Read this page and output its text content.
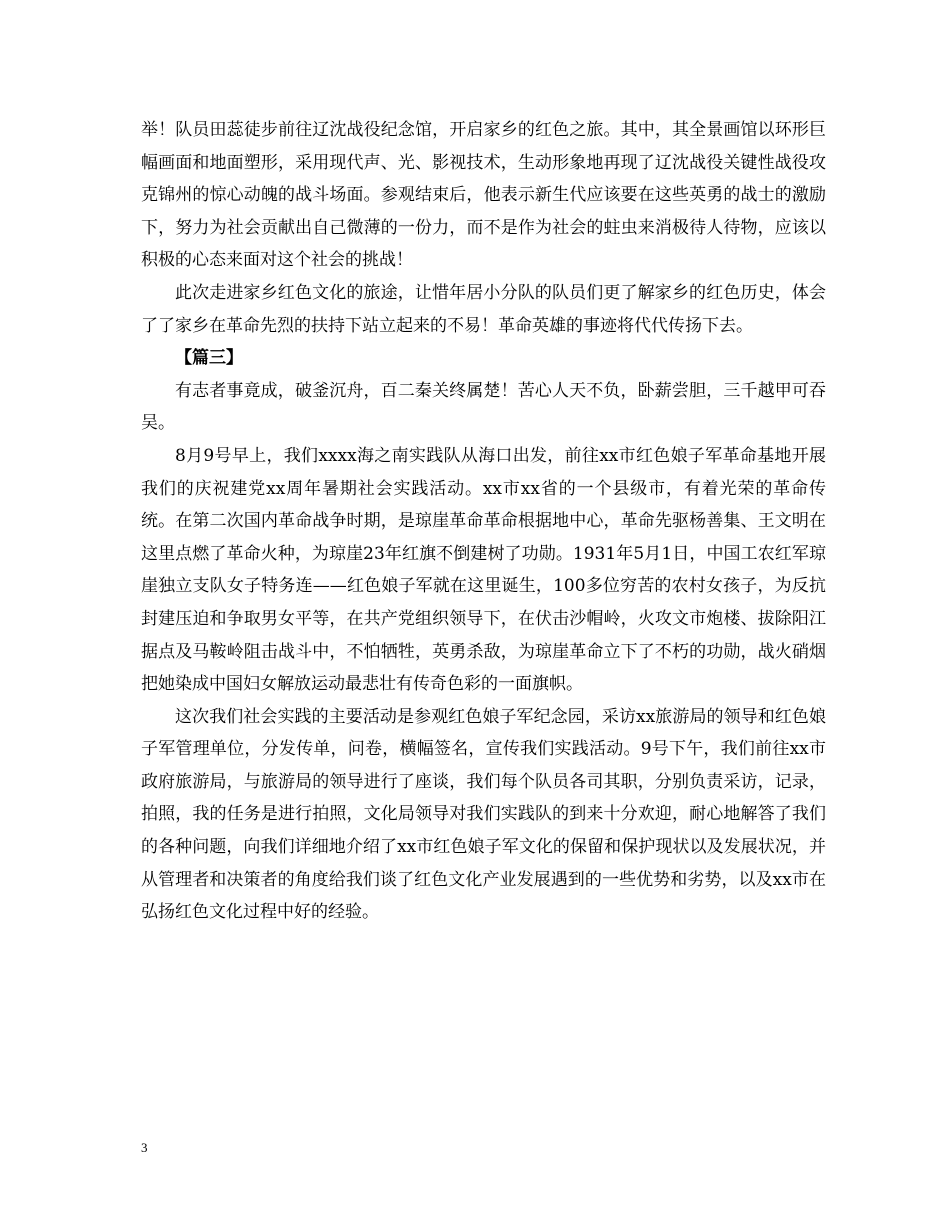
举！队员田蕊徒步前往辽沈战役纪念馆，开启家乡的红色之旅。其中，其全景画馆以环形巨幅画面和地面塑形，采用现代声、光、影视技术，生动形象地再现了辽沈战役关键性战役攻克锦州的惊心动魄的战斗场面。参观结束后，他表示新生代应该要在这些英勇的战士的激励下，努力为社会贡献出自己微薄的一份力，而不是作为社会的蛀虫来消极待人待物，应该以积极的心态来面对这个社会的挑战！

此次走进家乡红色文化的旅途，让惜年居小分队的队员们更了解家乡的红色历史，体会了了家乡在革命先烈的扶持下站立起来的不易！革命英雄的事迹将代代传扬下去。

【篇三】

有志者事竟成，破釜沉舟，百二秦关终属楚！苦心人天不负，卧薪尝胆，三千越甲可吞吴。

8月9号早上，我们xxxx海之南实践队从海口出发，前往xx市红色娘子军革命基地开展我们的庆祝建党xx周年暑期社会实践活动。xx市xx省的一个县级市，有着光荣的革命传统。在第二次国内革命战争时期，是琼崖革命革命根据地中心，革命先驱杨善集、王文明在这里点燃了革命火种，为琼崖23年红旗不倒建树了功勋。1931年5月1日，中国工农红军琼崖独立支队女子特务连——红色娘子军就在这里诞生，100多位穷苦的农村女孩子，为反抗封建压迫和争取男女平等，在共产党组织领导下，在伏击沙帽岭，火攻文市炮楼、拔除阳江据点及马鞍岭阻击战斗中，不怕牺牲，英勇杀敌，为琼崖革命立下了不朽的功勋，战火硝烟把她染成中国妇女解放运动最悲壮有传奇色彩的一面旗帜。

这次我们社会实践的主要活动是参观红色娘子军纪念园，采访xx旅游局的领导和红色娘子军管理单位，分发传单，问卷，横幅签名，宣传我们实践活动。9号下午，我们前往xx市政府旅游局，与旅游局的领导进行了座谈，我们每个队员各司其职，分别负责采访，记录，拍照，我的任务是进行拍照，文化局领导对我们实践队的到来十分欢迎，耐心地解答了我们的各种问题，向我们详细地介绍了xx市红色娘子军文化的保留和保护现状以及发展状况，并从管理者和决策者的角度给我们谈了红色文化产业发展遇到的一些优势和劣势，以及xx市在弘扬红色文化过程中好的经验。

3
